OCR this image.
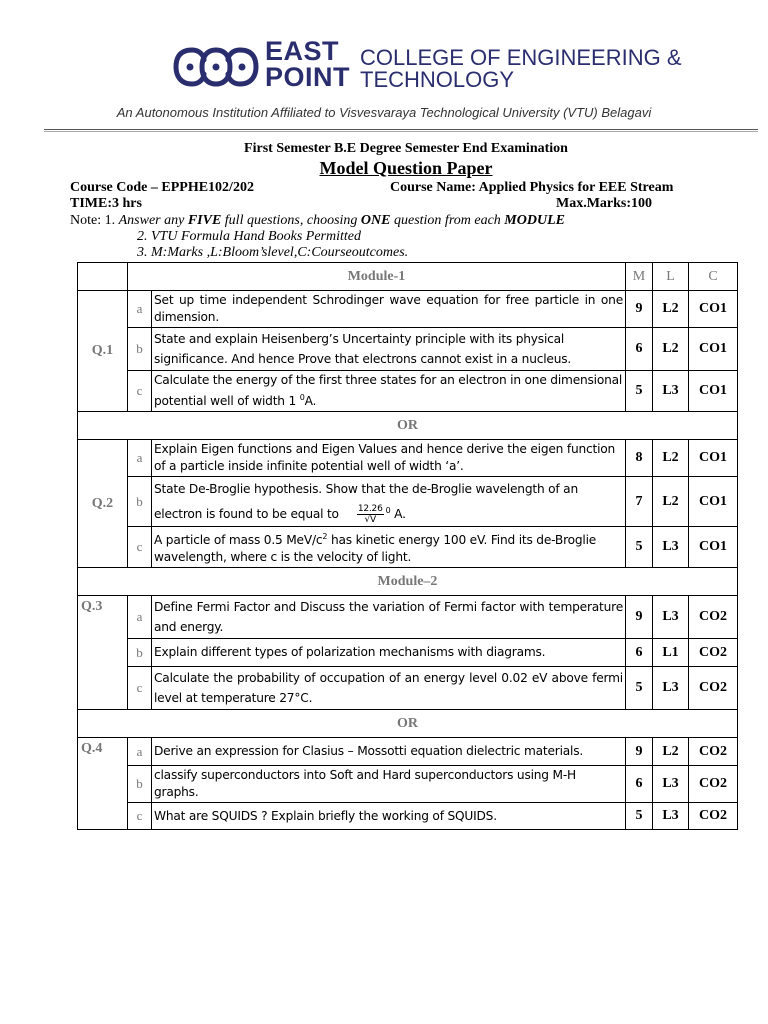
EAST
POINT
COLLEGE OF ENGINEERING &
TECHNOLOGY
An Autonomous Institution Affiliated to Visvesvaraya Technological University (VTU) Belagavi
First Semester B.E Degree Semester End Examination
Model Question Paper
Course Code – EPPHE102/202	Course Name: Applied Physics for EEE Stream
TIME:3 hrs	Max.Marks:100
Note: 1. Answer any FIVE full questions, choosing ONE question from each MODULE
2. VTU Formula Hand Books Permitted
3. M:Marks ,L:Bloom’slevel,C:Courseoutcomes.
	Module-1		M	L	C
Q.1	a	Set up time independent Schrodinger wave equation for free particle in one dimension.	9	L2	CO1
	b	State and explain Heisenberg’s Uncertainty principle with its physical significance. And hence Prove that electrons cannot exist in a nucleus.	6	L2	CO1
	c	Calculate the energy of the first three states for an electron in one dimensional potential well of width 1 $^0$A.	5	L3	CO1
OR					
Q.2	a	Explain Eigen functions and Eigen Values and hence derive the eigen function of a particle inside infinite potential well of width ‘a’.	8	L2	CO1
	b	State De-Broglie hypothesis. Show that the de-Broglie wavelength of an electron is found to be equal to $\frac{12.26}{√V} ^0$ A.	7	L2	CO1
	c	A particle of mass 0.5 MeV/$c^2$ has kinetic energy 100 eV. Find its de-Broglie wavelength, where c is the velocity of light.	5	L3	CO1
Module–2					
Q.3	a	Define Fermi Factor and Discuss the variation of Fermi factor with temperature and energy.	9	L3	CO2
	b	Explain different types of polarization mechanisms with diagrams.	6	L1	CO2
	c	Calculate the probability of occupation of an energy level 0.02 eV above fermi level at temperature 27°C.	5	L3	CO2
OR					
Q.4	a	Derive an expression for Clasius – Mossotti equation dielectric materials.	9	L2	CO2
	b	classify superconductors into Soft and Hard superconductors using M-H graphs.	6	L3	CO2
	c	What are SQUIDS ? Explain briefly the working of SQUIDS.	5	L3	CO2
